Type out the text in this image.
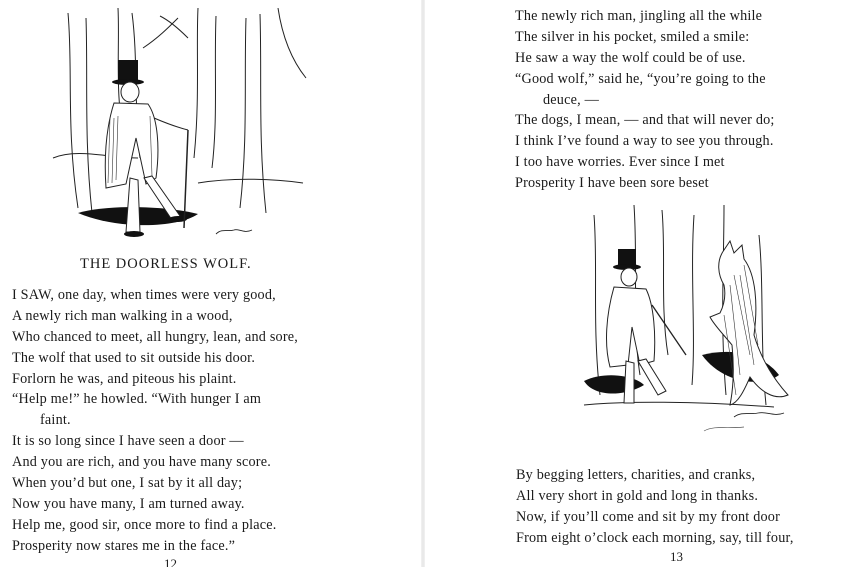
THE DOORLESS WOLF.
I SAW, one day, when times were very good,
A newly rich man walking in a wood,
Who chanced to meet, all hungry, lean, and sore,
The wolf that used to sit outside his door.
Forlorn he was, and piteous his plaint.
“Help me!” he howled. “With hunger I am
faint.
It is so long since I have seen a door —
And you are rich, and you have many score.
When you’d but one, I sat by it all day;
Now you have many, I am turned away.
Help me, good sir, once more to find a place.
Prosperity now stares me in the face.”
12
The newly rich man, jingling all the while
The silver in his pocket, smiled a smile:
He saw a way the wolf could be of use.
“Good wolf,” said he, “you’re going to the
deuce, —
The dogs, I mean, — and that will never do;
I think I’ve found a way to see you through.
I too have worries. Ever since I met
Prosperity I have been sore beset
By begging letters, charities, and cranks,
All very short in gold and long in thanks.
Now, if you’ll come and sit by my front door
From eight o’clock each morning, say, till four,
13
